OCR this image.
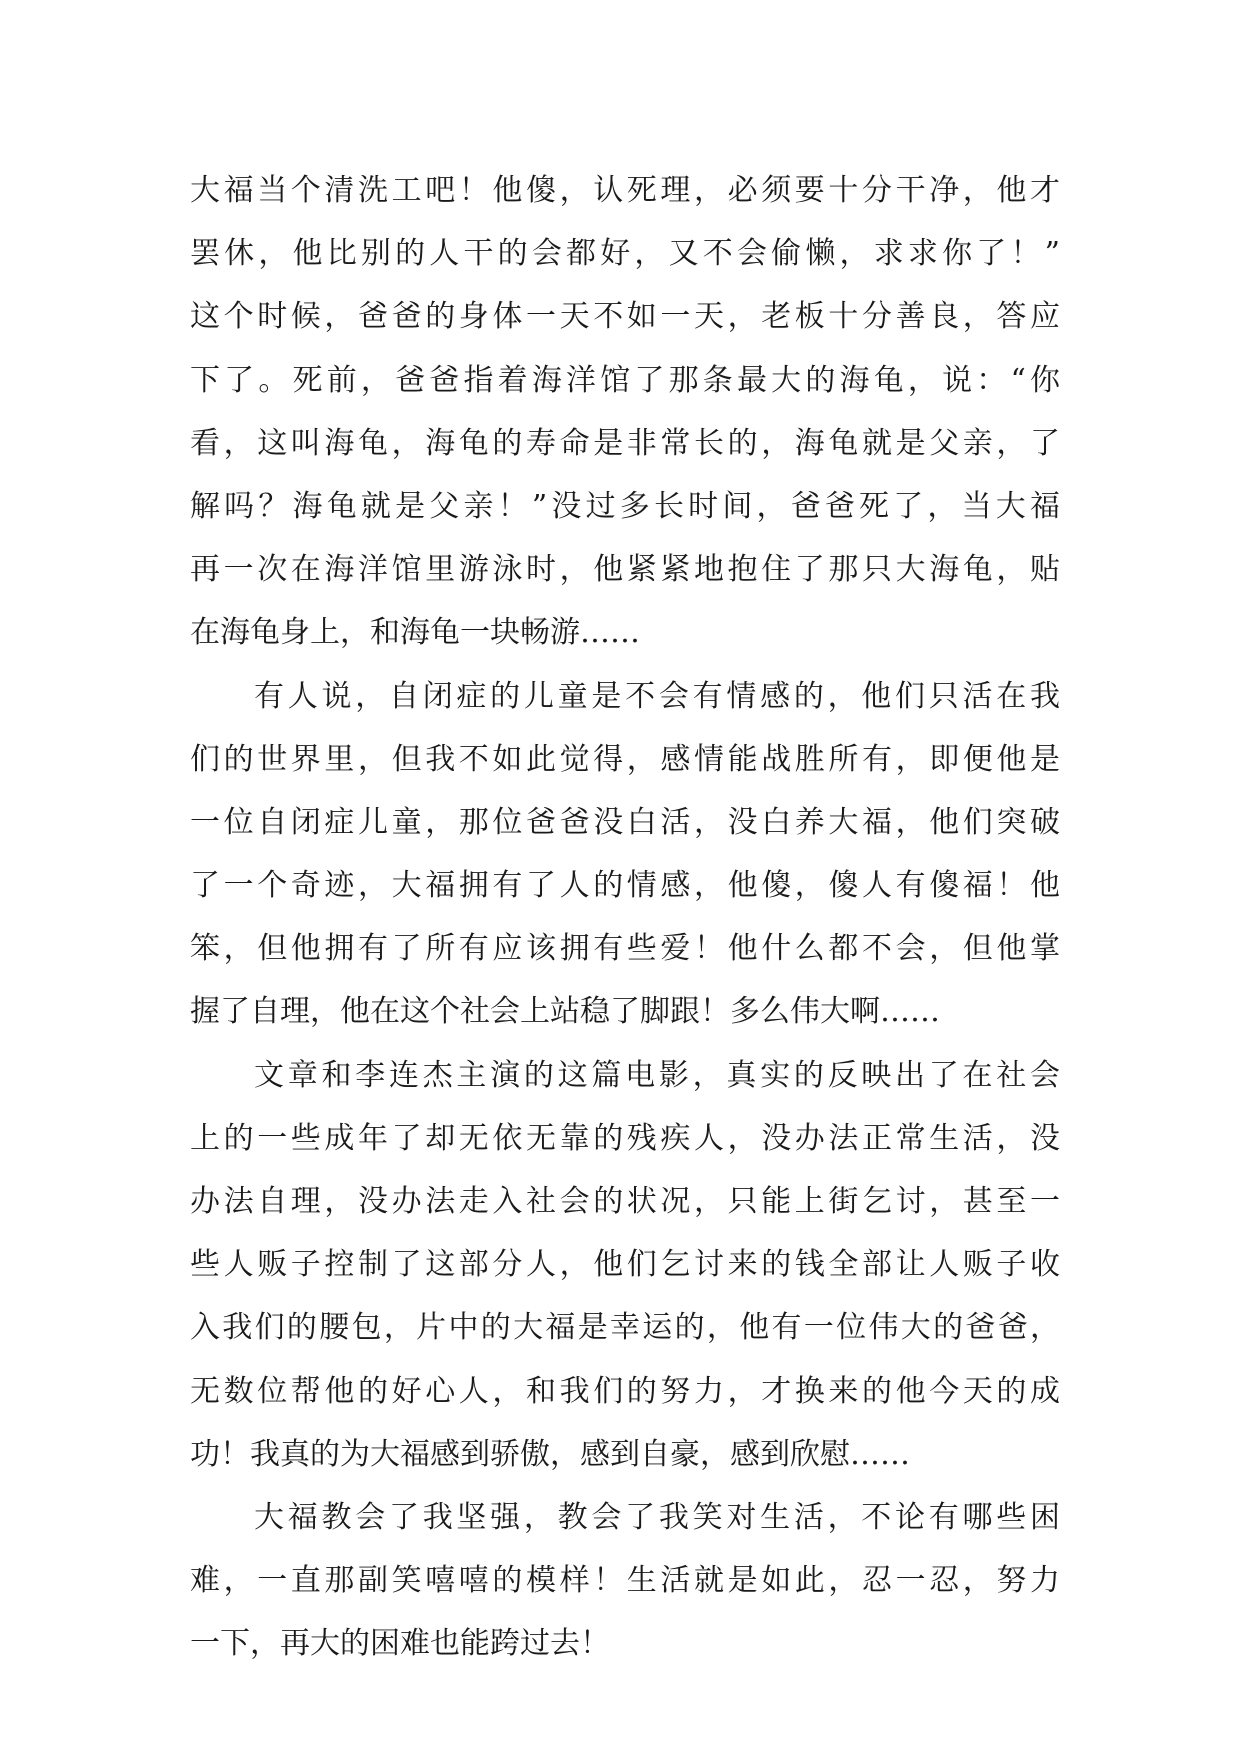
大福当个清洗工吧！他傻，认死理，必须要十分干净，他才
罢休，他比别的人干的会都好，又不会偷懒，求求你了！”
这个时候，爸爸的身体一天不如一天，老板十分善良，答应
下了。死前，爸爸指着海洋馆了那条最大的海龟，说：“你
看，这叫海龟，海龟的寿命是非常长的，海龟就是父亲，了
解吗？海龟就是父亲！”没过多长时间，爸爸死了，当大福
再一次在海洋馆里游泳时，他紧紧地抱住了那只大海龟，贴
在海龟身上，和海龟一块畅游……
有人说，自闭症的儿童是不会有情感的，他们只活在我
们的世界里，但我不如此觉得，感情能战胜所有，即便他是
一位自闭症儿童，那位爸爸没白活，没白养大福，他们突破
了一个奇迹，大福拥有了人的情感，他傻，傻人有傻福！他
笨，但他拥有了所有应该拥有些爱！他什么都不会，但他掌
握了自理，他在这个社会上站稳了脚跟！多么伟大啊……
文章和李连杰主演的这篇电影，真实的反映出了在社会
上的一些成年了却无依无靠的残疾人，没办法正常生活，没
办法自理，没办法走入社会的状况，只能上街乞讨，甚至一
些人贩子控制了这部分人，他们乞讨来的钱全部让人贩子收
入我们的腰包，片中的大福是幸运的，他有一位伟大的爸爸，
无数位帮他的好心人，和我们的努力，才换来的他今天的成
功！我真的为大福感到骄傲，感到自豪，感到欣慰……
大福教会了我坚强，教会了我笑对生活，不论有哪些困
难，一直那副笑嘻嘻的模样！生活就是如此，忍一忍，努力
一下，再大的困难也能跨过去！
